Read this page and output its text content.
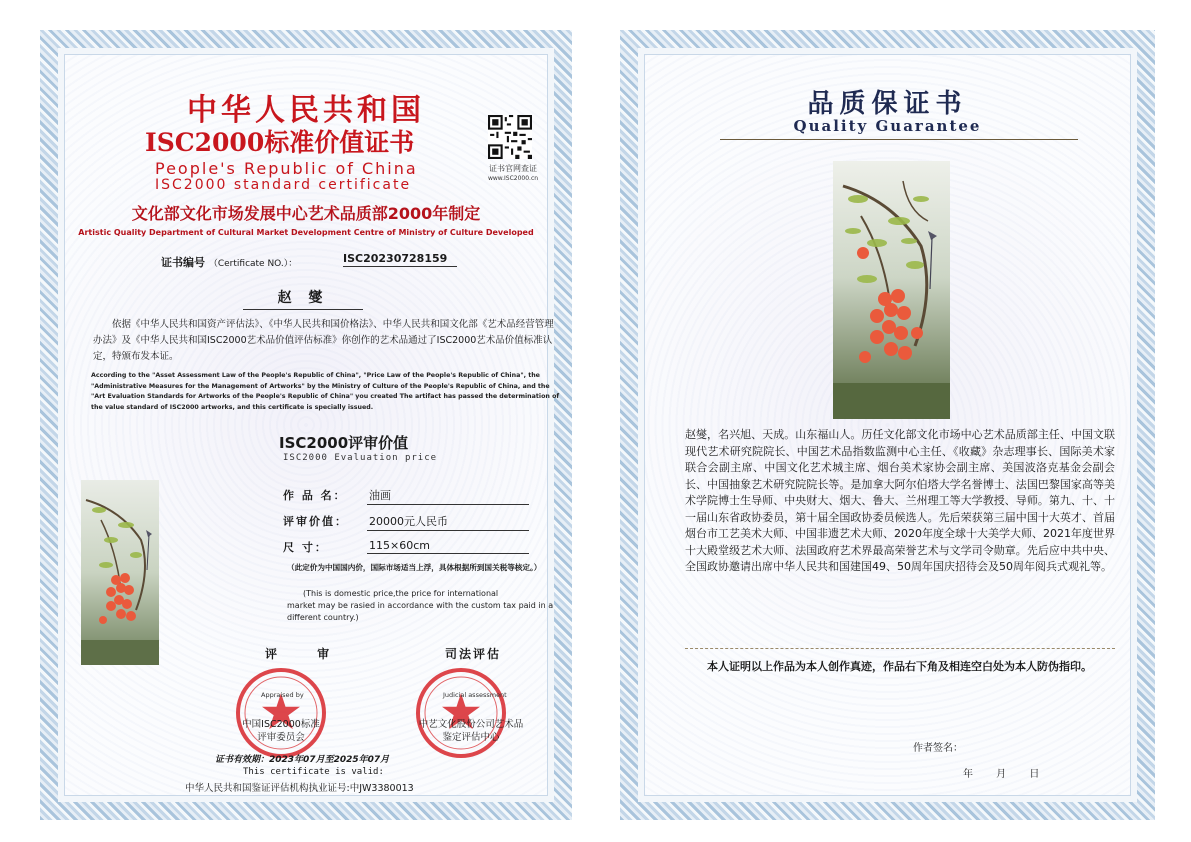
中华人民共和国
ISC2000标准价值证书
People's Republic of China
ISC2000 standard certificate
证书官网查证
www.ISC2000.cn
文化部文化市场发展中心艺术品质部2000年制定
Artistic Quality Department of Cultural Market Development Centre of Ministry of Culture Developed
证书编号 （Certificate NO.）：	ISC20230728159
赵 燮
依据《中华人民共和国资产评估法》、《中华人民共和国价格法》、中华人民共和国文化部《艺术品经营管理办法》及《中华人民共和国ISC2000艺术品价值评估标准》你创作的艺术品通过了ISC2000艺术品价值标准认定，特颁布发本证。
According to the "Asset Assessment Law of the People's Republic of China", "Price Law of the People's Republic of China", the "Administrative Measures for the Management of Artworks" by the Ministry of Culture of the People's Republic of China, and the "Art Evaluation Standards for Artworks of the People's Republic of China" you created The artifact has passed the determination of the value standard of ISC2000 artworks, and this certificate is specially issued.
ISC2000评审价值
ISC2000 Evaluation price
作 品 名： 油画
评审价值： 20000元人民币
尺 寸：	115×60cm
（此定价为中国国内价，国际市场适当上浮，具体根据所到国关税等核定。）
(This is domestic price,the price for international
market may be rasied in accordance with the custom tax paid in a different country.)
评 审	司法评估
Appraised by	Judicial assessment
中国ISC2000标准
评审委员会
中艺文化股份公司艺术品
鉴定评估中心
证书有效期：2023年07月至2025年07月
This certificate is valid:
中华人民共和国鉴证评估机构执业证号:中JW3380013
品质保证书
Quality Guarantee
赵燮，名兴旭、天成。山东福山人。历任文化部文化市场中心艺术品质部主任、中国文联现代艺术研究院院长、中国艺术品指数监测中心主任、《收藏》杂志理事长、国际美术家联合会副主席、中国文化艺术城主席、烟台美术家协会副主席、美国波洛克基金会副会长、中国抽象艺术研究院院长等。是加拿大阿尔伯塔大学名誉博士、法国巴黎国家高等美术学院博士生导师、中央财大、烟大、鲁大、兰州理工等大学教授、导师。第九、十、十一届山东省政协委员，第十届全国政协委员候选人。先后荣获第三届中国十大英才、首届烟台市工艺美术大师、中国非遗艺术大师、2020年度全球十大美学大师、2021年度世界十大殿堂级艺术大师、法国政府艺术界最高荣誉艺术与文学司令勋章。先后应中共中央、全国政协邀请出席中华人民共和国建国49、50周年国庆招待会及50周年阅兵式观礼等。
本人证明以上作品为本人创作真迹，作品右下角及相连空白处为本人防伪指印。
作者签名：
年 月 日
